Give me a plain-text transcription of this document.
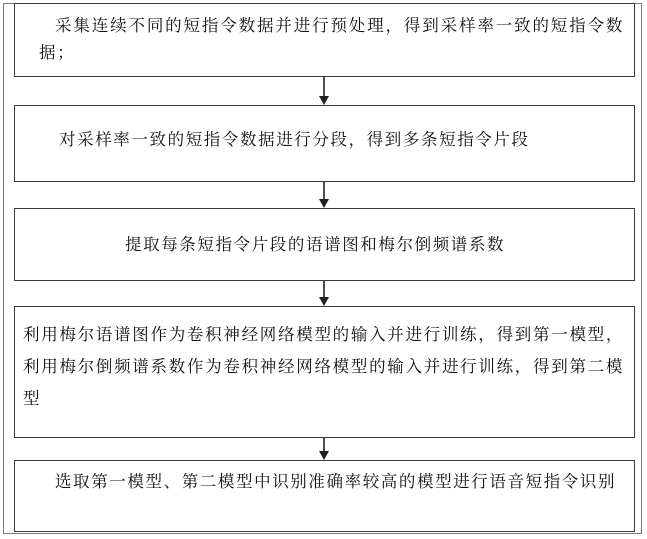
采集连续不同的短指令数据并进行预处理，得到采样率一致的短指令数据；
对采样率一致的短指令数据进行分段，得到多条短指令片段
提取每条短指令片段的语谱图和梅尔倒频谱系数
利用梅尔语谱图作为卷积神经网络模型的输入并进行训练，得到第一模型，利用梅尔倒频谱系数作为卷积神经网络模型的输入并进行训练，得到第二模型
选取第一模型、第二模型中识别准确率较高的模型进行语音短指令识别
